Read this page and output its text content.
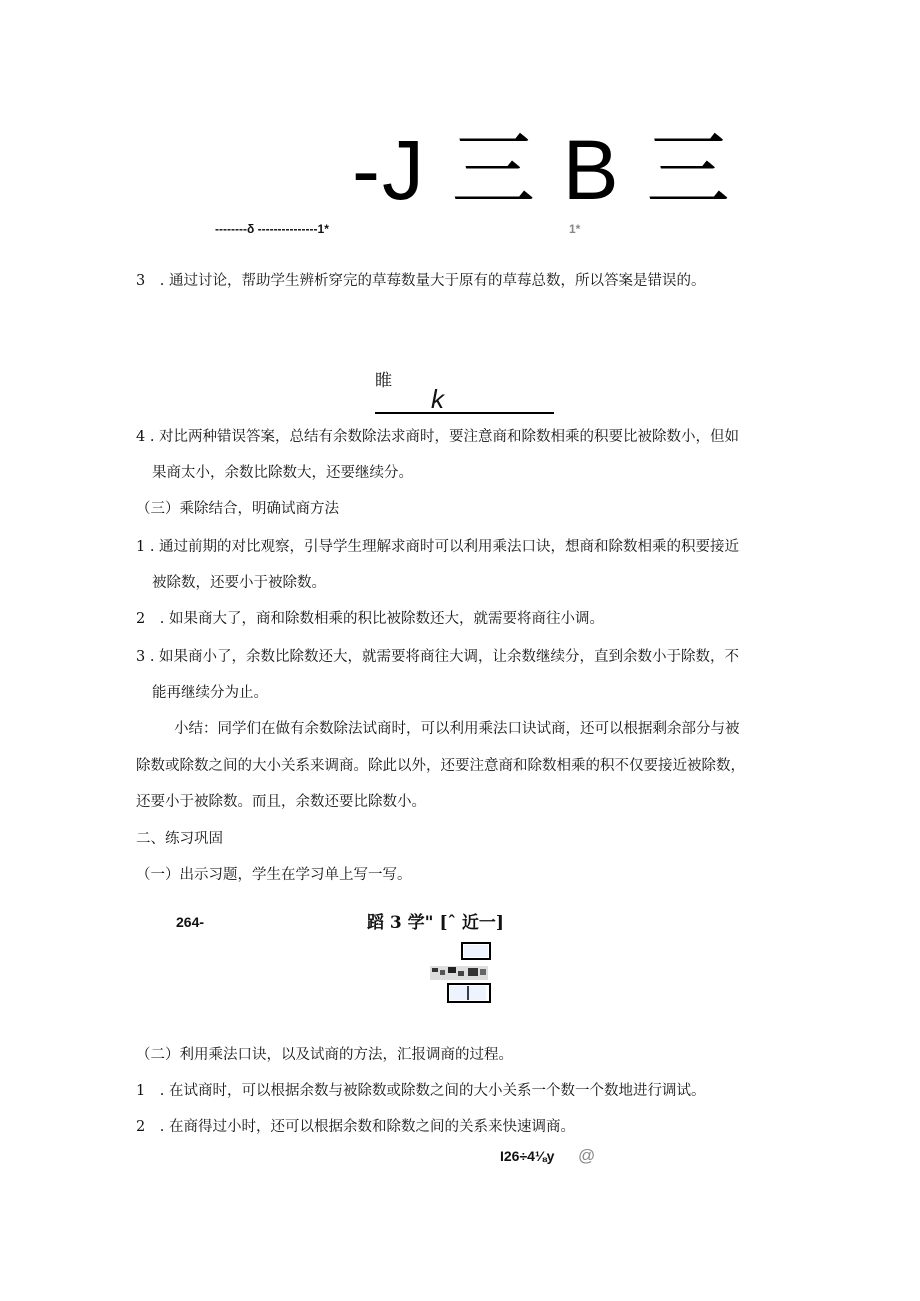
-J 三 B 三
--------δ ---------------1*	1*
3　. 通过讨论，帮助学生辨析穿完的草莓数量大于原有的草莓总数，所以答案是错误的。
睢
k
4 . 对比两种错误答案，总结有余数除法求商时，要注意商和除数相乘的积要比被除数小，但如
果商太小，余数比除数大，还要继续分。
（三）乘除结合，明确试商方法
1 . 通过前期的对比观察，引导学生理解求商时可以利用乘法口诀，想商和除数相乘的积要接近
被除数，还要小于被除数。
2　. 如果商大了，商和除数相乘的积比被除数还大，就需要将商往小调。
3 . 如果商小了，余数比除数还大，就需要将商往大调，让余数继续分，直到余数小于除数，不
能再继续分为止。
小结：同学们在做有余数除法试商时，可以利用乘法口诀试商，还可以根据剩余部分与被
除数或除数之间的大小关系来调商。除此以外，还要注意商和除数相乘的积不仅要接近被除数，
还要小于被除数。而且，余数还要比除数小。
二、练习巩固
（一）出示习题，学生在学习单上写一写。
264-	蹈 3 学" [ˆ 近一]
（二）利用乘法口诀，以及试商的方法，汇报调商的过程。
1　. 在试商时，可以根据余数与被除数或除数之间的大小关系一个数一个数地进行调试。
2　. 在商得过小时，还可以根据余数和除数之间的关系来快速调商。
I26÷4⅛y @
